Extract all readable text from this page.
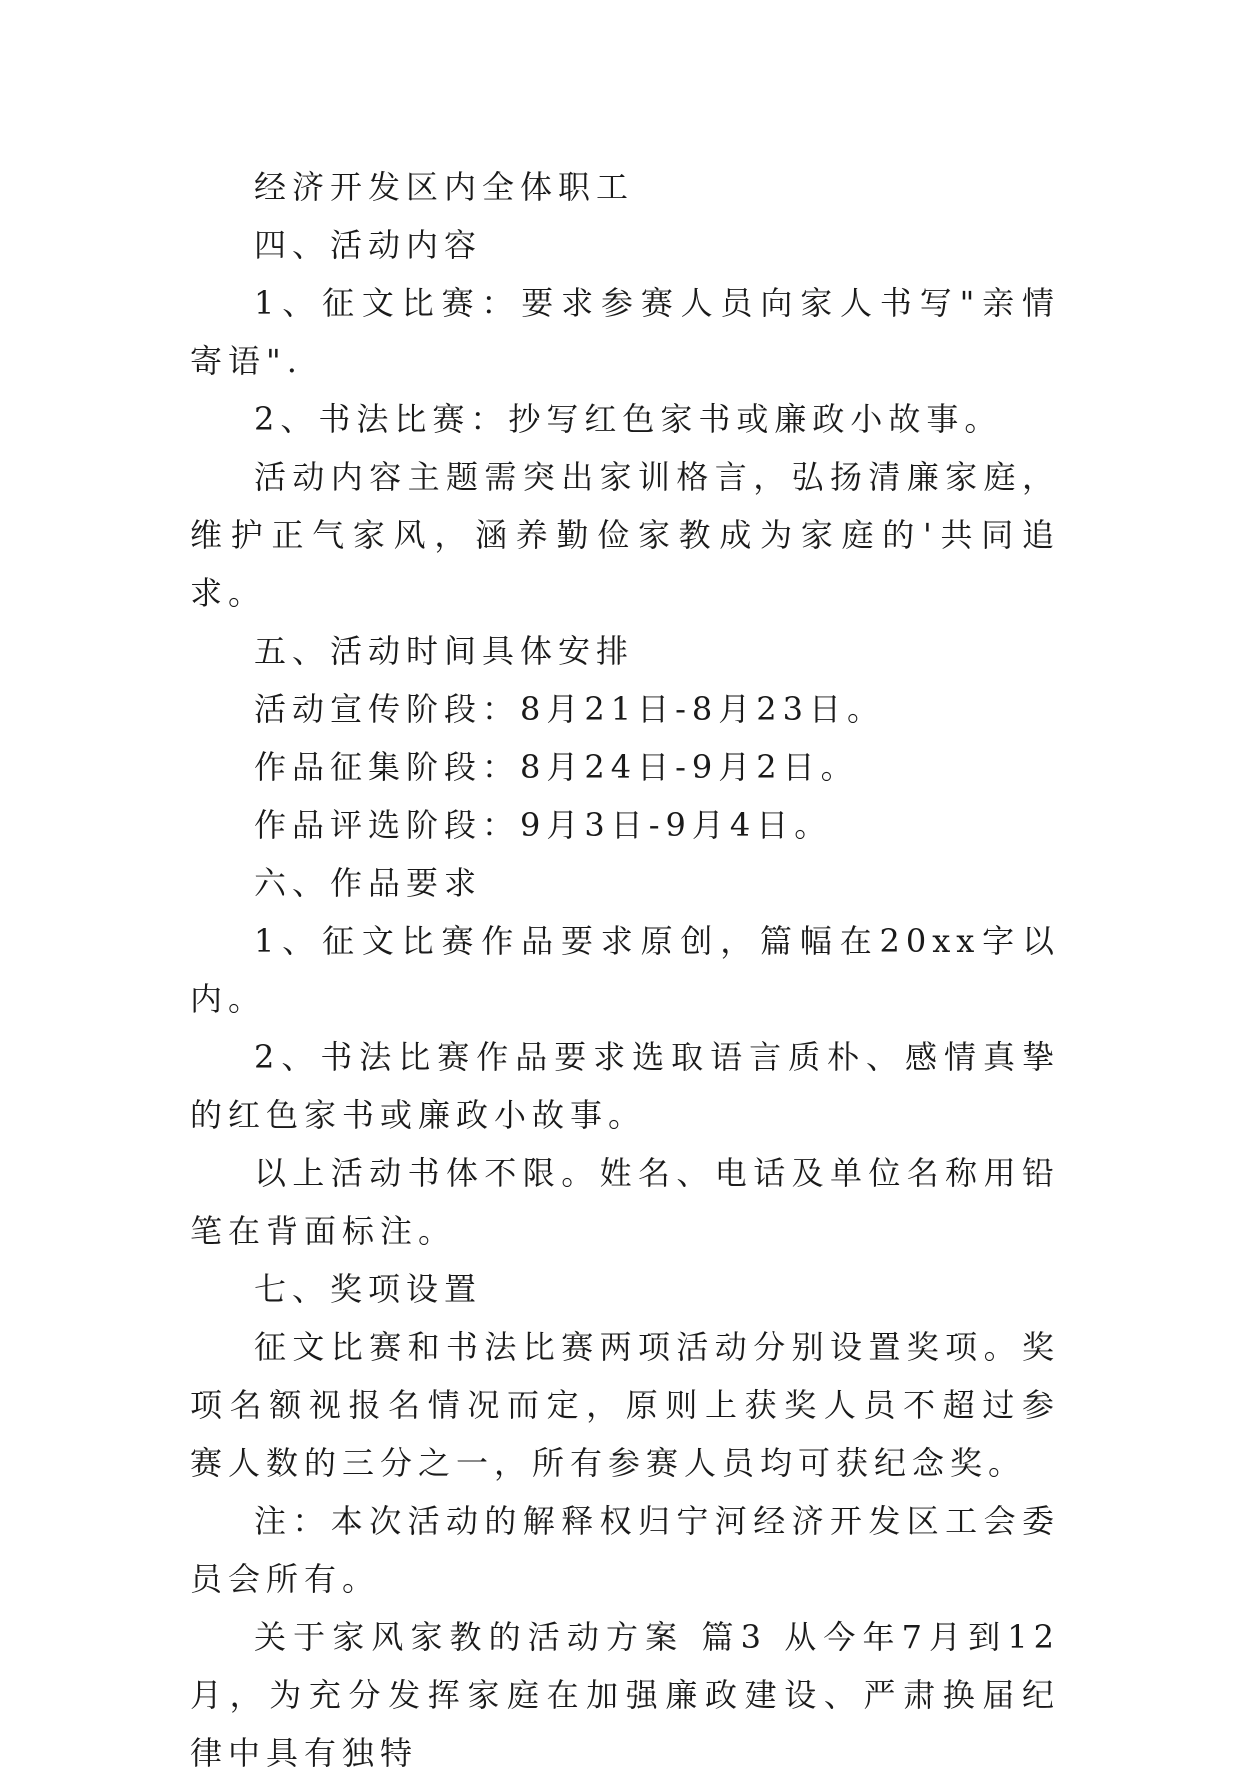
经济开发区内全体职工

四、活动内容

1、征文比赛：要求参赛人员向家人书写"亲情寄语".

2、书法比赛：抄写红色家书或廉政小故事。

活动内容主题需突出家训格言，弘扬清廉家庭，维护正气家风，涵养勤俭家教成为家庭的'共同追求。

五、活动时间具体安排

活动宣传阶段：8月21日-8月23日。

作品征集阶段：8月24日-9月2日。

作品评选阶段：9月3日-9月4日。

六、作品要求

1、征文比赛作品要求原创，篇幅在20xx字以内。

2、书法比赛作品要求选取语言质朴、感情真挚的红色家书或廉政小故事。

以上活动书体不限。姓名、电话及单位名称用铅笔在背面标注。

七、奖项设置

征文比赛和书法比赛两项活动分别设置奖项。奖项名额视报名情况而定，原则上获奖人员不超过参赛人数的三分之一，所有参赛人员均可获纪念奖。

注：本次活动的解释权归宁河经济开发区工会委员会所有。

关于家风家教的活动方案 篇3 从今年7月到12月，为充分发挥家庭在加强廉政建设、严肃换届纪律中具有独特
